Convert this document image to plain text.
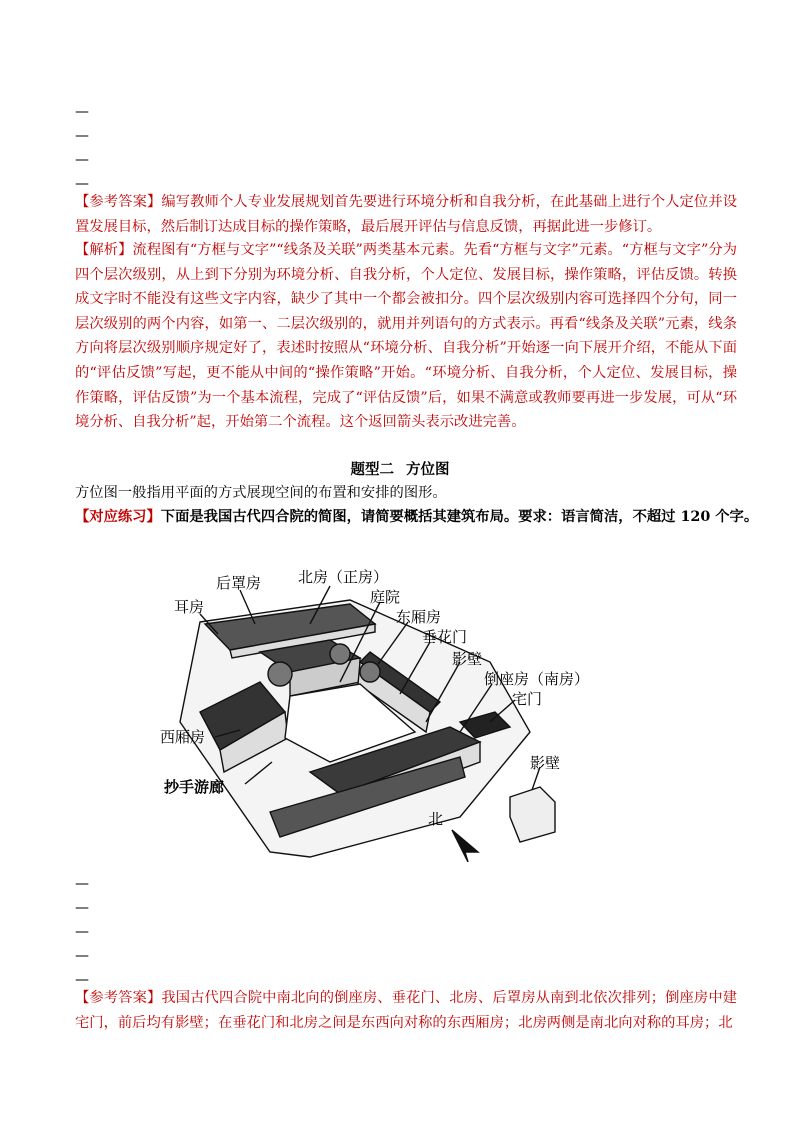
—
—
—
—

【参考答案】编写教师个人专业发展规划首先要进行环境分析和自我分析，在此基础上进行个人定位并设置发展目标，然后制订达成目标的操作策略，最后展开评估与信息反馈，再据此进一步修订。

【解析】流程图有“方框与文字”“线条及关联”两类基本元素。先看“方框与文字”元素。“方框与文字”分为四个层次级别，从上到下分别为环境分析、自我分析，个人定位、发展目标，操作策略，评估反馈。转换成文字时不能没有这些文字内容，缺少了其中一个都会被扣分。四个层次级别内容可选择四个分句，同一层次级别的两个内容，如第一、二层次级别的，就用并列语句的方式表示。再看“线条及关联”元素，线条方向将层次级别顺序规定好了，表述时按照从“环境分析、自我分析”开始逐一向下展开介绍，不能从下面的“评估反馈”写起，更不能从中间的“操作策略”开始。“环境分析、自我分析，个人定位、发展目标，操作策略，评估反馈”为一个基本流程，完成了“评估反馈”后，如果不满意或教师要再进一步发展，可从“环境分析、自我分析”起，开始第二个流程。这个返回箭头表示改进完善。

题型二 方位图
方位图一般指用平面的方式展现空间的布置和安排的图形。
【对应练习】下面是我国古代四合院的简图，请简要概括其建筑布局。要求：语言简洁，不超过 120 个字。
后罩房 北房（正房）
耳房
庭院
东厢房
垂花门
影壁
倒座房（南房）
宅门
西厢房
抄手游廊
影壁
北
—
—
—
—
—

【参考答案】我国古代四合院中南北向的倒座房、垂花门、北房、后罩房从南到北依次排列；倒座房中建宅门，前后均有影壁；在垂花门和北房之间是东西向对称的东西厢房；北房两侧是南北向对称的耳房；北
